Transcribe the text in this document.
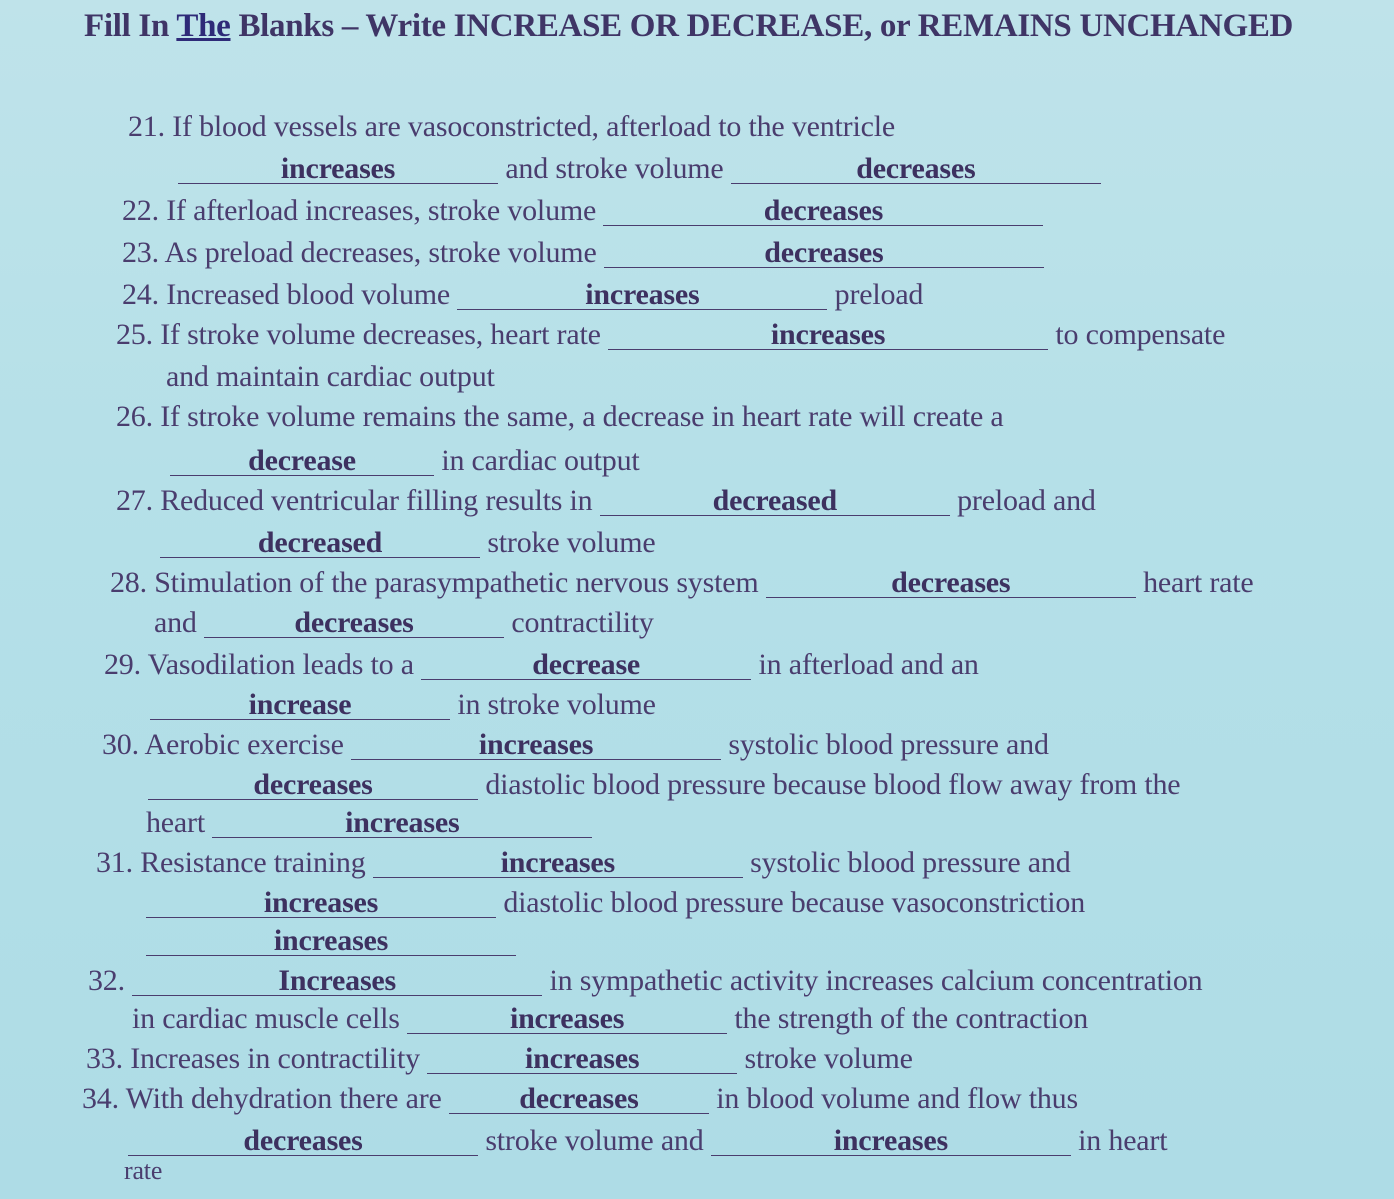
Fill In The Blanks – Write INCREASE OR DECREASE, or REMAINS UNCHANGED
21. If blood vessels are vasoconstricted, afterload to the ventricle
increases	and stroke volume	decreases
22. If afterload increases, stroke volume	decreases
23. As preload decreases, stroke volume	decreases
24. Increased blood volume	increases	preload
25. If stroke volume decreases, heart rate	increases	to compensate
and maintain cardiac output
26. If stroke volume remains the same, a decrease in heart rate will create a
decrease	in cardiac output
27. Reduced ventricular filling results in	decreased	preload and
decreased	stroke volume
28. Stimulation of the parasympathetic nervous system	decreases	heart rate
and	decreases	contractility
29. Vasodilation leads to a	decrease	in afterload and an
increase	in stroke volume
30. Aerobic exercise	increases	systolic blood pressure and
decreases	diastolic blood pressure because blood flow away from the
heart	increases
31. Resistance training	increases	systolic blood pressure and
increases	diastolic blood pressure because vasoconstriction
increases
32.	Increases	in sympathetic activity increases calcium concentration
in cardiac muscle cells	increases	the strength of the contraction
33. Increases in contractility	increases	stroke volume
34. With dehydration there are	decreases	in blood volume and flow thus
decreases	stroke volume and	increases	in heart
rate
